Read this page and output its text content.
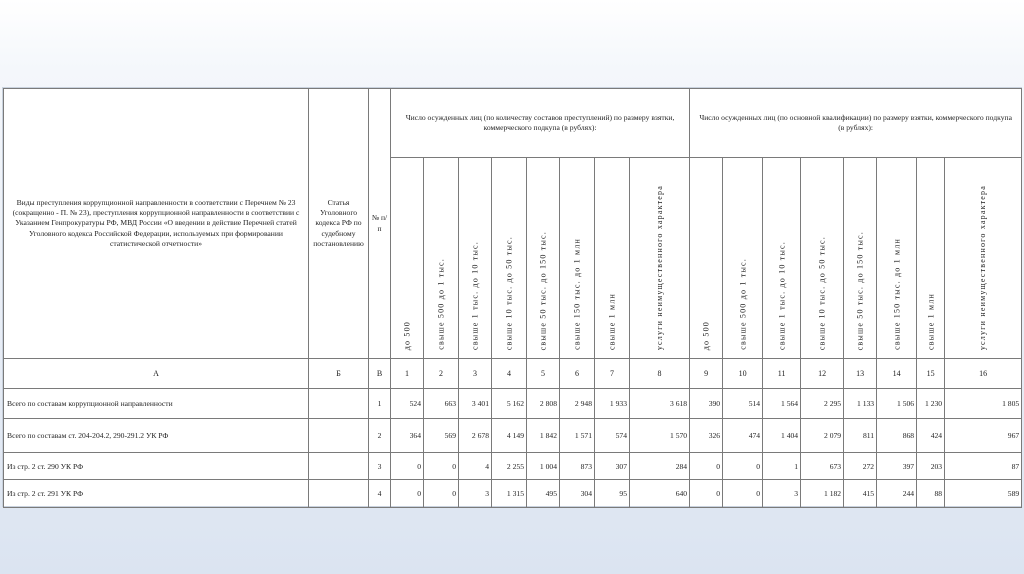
Виды преступления коррупционной направленности в соответствии с Перечнем № 23 (сокращенно - П. № 23), преступления коррупционной направленности в соответствии с Указанием Генпрокуратуры РФ, МВД России «О введении в действие Перечней статей Уголовного кодекса Российской Федерации, используемых при формировании статистической отчетности»	Статья Уголовного кодекса РФ по судебному постановлению	№ п/п	Число осужденных лиц (по количеству составов преступлений) по размеру взятки, коммерческого подкупа (в рублях):								Число осужденных лиц (по основной квалификации) по размеру взятки, коммерческого подкупа (в рублях):							

			до 500	свыше 500 до 1 тыс.	свыше 1 тыс. до 10 тыс.	свыше 10 тыс. до 50 тыс.	свыше 50 тыс. до 150 тыс.	свыше 150 тыс. до 1 млн	свыше 1 млн	услуги неимущественного характера	до 500	свыше 500 до 1 тыс.	свыше 1 тыс. до 10 тыс.	свыше 10 тыс. до 50 тыс.	свыше 50 тыс. до 150 тыс.	свыше 150 тыс. до 1 млн	свыше 1 млн	услуги неимущественного характера

А	Б	В	1	2	3	4	5	6	7	8	9	10	11	12	13	14	15	16
Всего по составам коррупционной направленности		1	524	663	3 401	5 162	2 808	2 948	1 933	3 618	390	514	1 564	2 295	1 133	1 506	1 230	1 805
Всего по составам ст. 204-204.2, 290-291.2 УК РФ		2	364	569	2 678	4 149	1 842	1 571	574	1 570	326	474	1 404	2 079	811	868	424	967
Из стр. 2 ст. 290 УК РФ		3	0	0	4	2 255	1 004	873	307	284	0	0	1	673	272	397	203	87
Из стр. 2 ст. 291 УК РФ		4	0	0	3	1 315	495	304	95	640	0	0	3	1 182	415	244	88	589
